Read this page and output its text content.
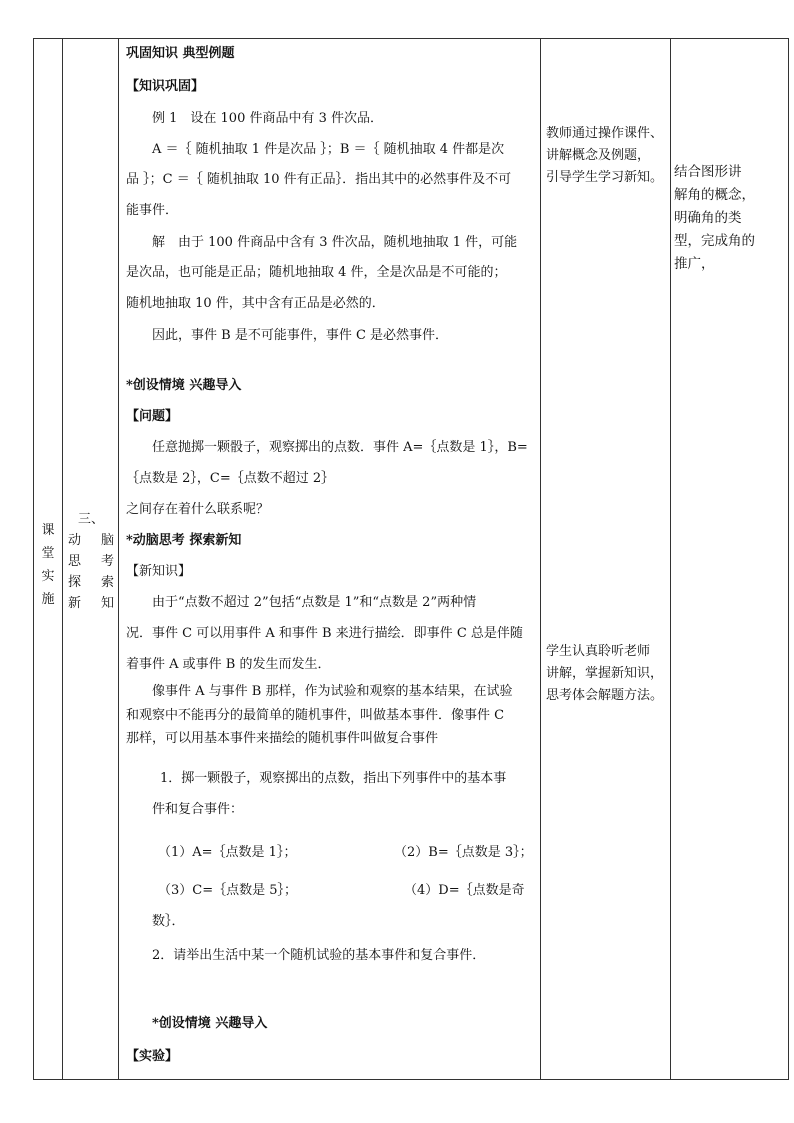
课堂实施
三、
动　脑
思　考
探　索
新　知
巩固知识 典型例题
【知识巩固】
例 1　设在 100 件商品中有 3 件次品．
A ＝｛ 随机抽取 1 件是次品 ｝；B ＝｛ 随机抽取 4 件都是次
品 ｝；C ＝｛ 随机抽取 10 件有正品｝．指出其中的必然事件及不可
能事件．
解　由于 100 件商品中含有 3 件次品，随机地抽取 1 件，可能
是次品，也可能是正品；随机地抽取 4 件，全是次品是不可能的；
随机地抽取 10 件，其中含有正品是必然的．
因此，事件 B 是不可能事件，事件 C 是必然事件．
*创设情境 兴趣导入
【问题】
任意抛掷一颗骰子，观察掷出的点数．事件 A=｛点数是 1｝，B=
｛点数是 2｝，C=｛点数不超过 2｝
之间存在着什么联系呢？
*动脑思考 探索新知
【新知识】
由于“点数不超过 2”包括“点数是 1”和“点数是 2”两种情
况．事件 C 可以用事件 A 和事件 B 来进行描绘．即事件 C 总是伴随
着事件 A 或事件 B 的发生而发生．
像事件 A 与事件 B 那样，作为试验和观察的基本结果，在试验
和观察中不能再分的最简单的随机事件，叫做基本事件．像事件 C
那样，可以用基本事件来描绘的随机事件叫做复合事件
1．掷一颗骰子，观察掷出的点数，指出下列事件中的基本事
件和复合事件：
（1）A=｛点数是 1｝；	（2）B=｛点数是 3｝；
（3）C=｛点数是 5｝；	（4）D=｛点数是奇
数｝．
2．请举出生活中某一个随机试验的基本事件和复合事件．
*创设情境 兴趣导入
【实验】
教师通过操作课件、
讲解概念及例题，
引导学生学习新知。
学生认真聆听老师
讲解，掌握新知识，
思考体会解题方法。
结合图形讲
解角的概念，
明确角的类
型，完成角的
推广，
